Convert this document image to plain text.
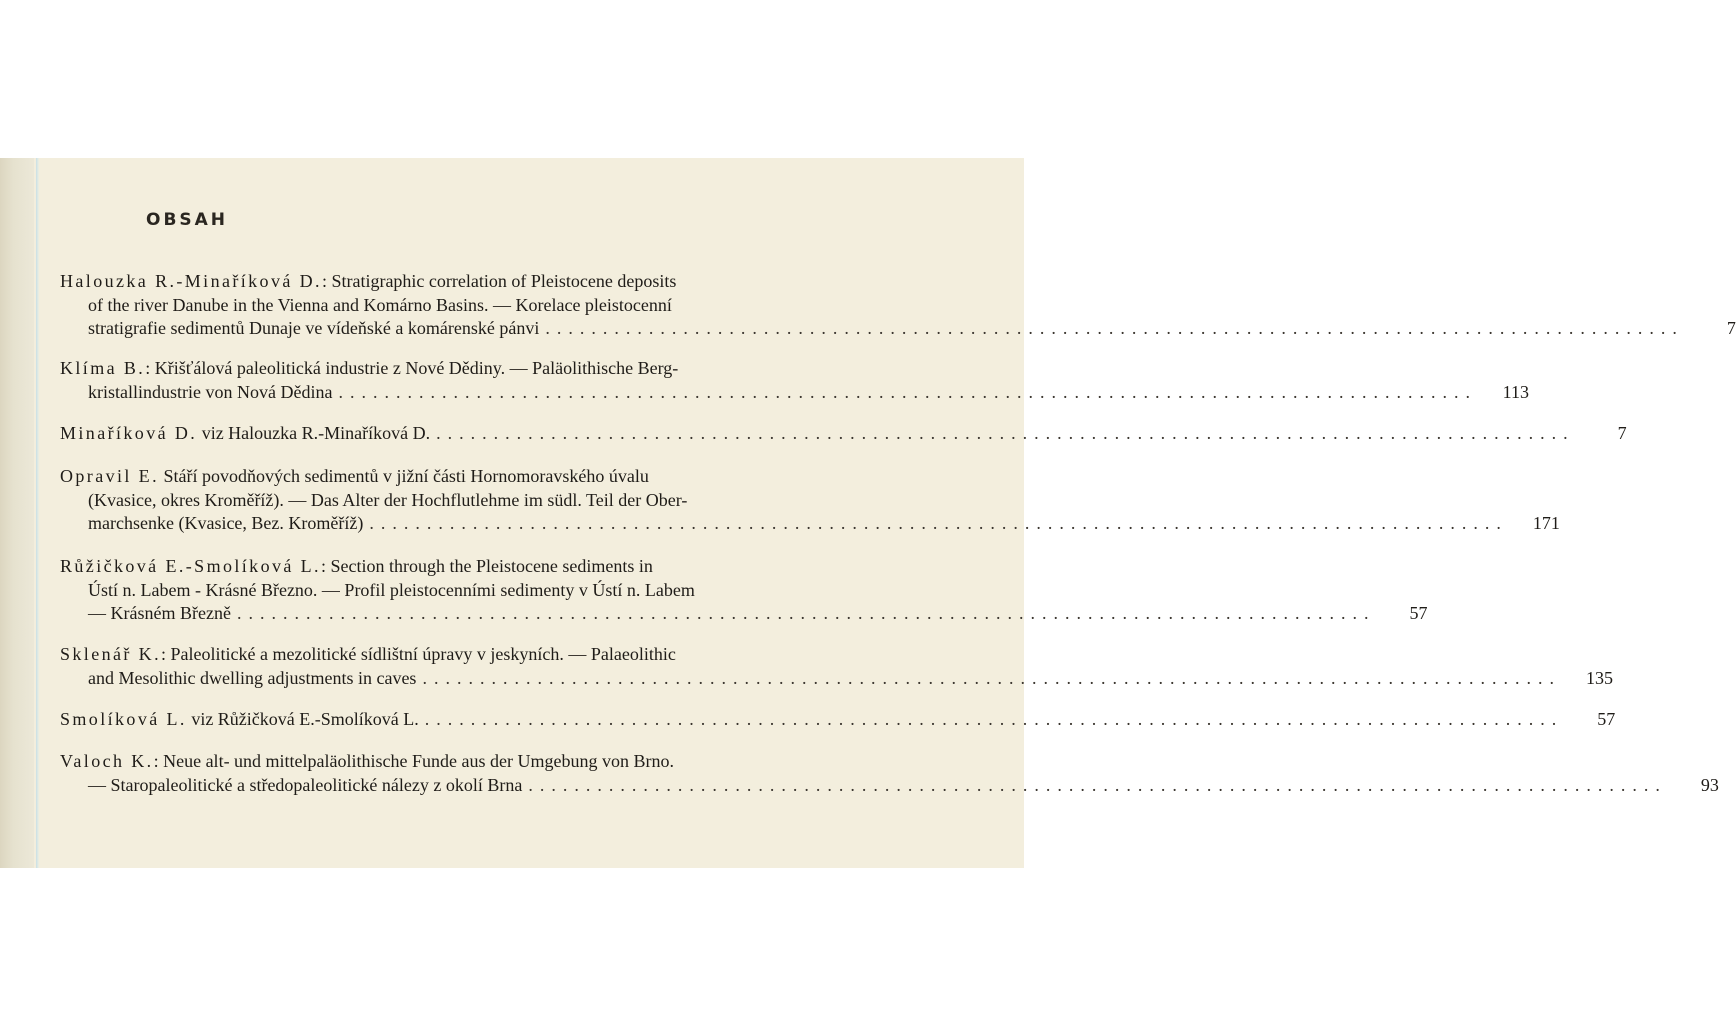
OBSAH
Halouzka R.-Minaříková D.: Stratigraphic correlation of Pleistocene deposits
of the river Danube in the Vienna and Komárno Basins. — Korelace pleistocenní
stratigrafie sedimentů Dunaje ve vídeňské a komárenské pánvi ...................................................................................................	7
Klíma B.: Křišťálová paleolitická industrie z Nové Dědiny. — Paläolithische Berg-
kristallindustrie von Nová Dědina ...................................................................................................	113
Minaříková D. viz Halouzka R.-Minaříková D. ...................................................................................................	7
Opravil E. Stáří povodňových sedimentů v jižní části Hornomoravského úvalu
(Kvasice, okres Kroměříž). — Das Alter der Hochflutlehme im südl. Teil der Ober-
marchsenke (Kvasice, Bez. Kroměříž) ...................................................................................................	171
Růžičková E.-Smolíková L.: Section through the Pleistocene sediments in
Ústí n. Labem - Krásné Březno. — Profil pleistocenními sedimenty v Ústí n. Labem
— Krásném Březně ...................................................................................................	57
Sklenář K.: Paleolitické a mezolitické sídlištní úpravy v jeskyních. — Palaeolithic
and Mesolithic dwelling adjustments in caves ...................................................................................................	135
Smolíková L. viz Růžičková E.-Smolíková L. ...................................................................................................	57
Valoch K.: Neue alt- und mittelpaläolithische Funde aus der Umgebung von Brno.
— Staropaleolitické a středopaleolitické nálezy z okolí Brna ...................................................................................................	93
